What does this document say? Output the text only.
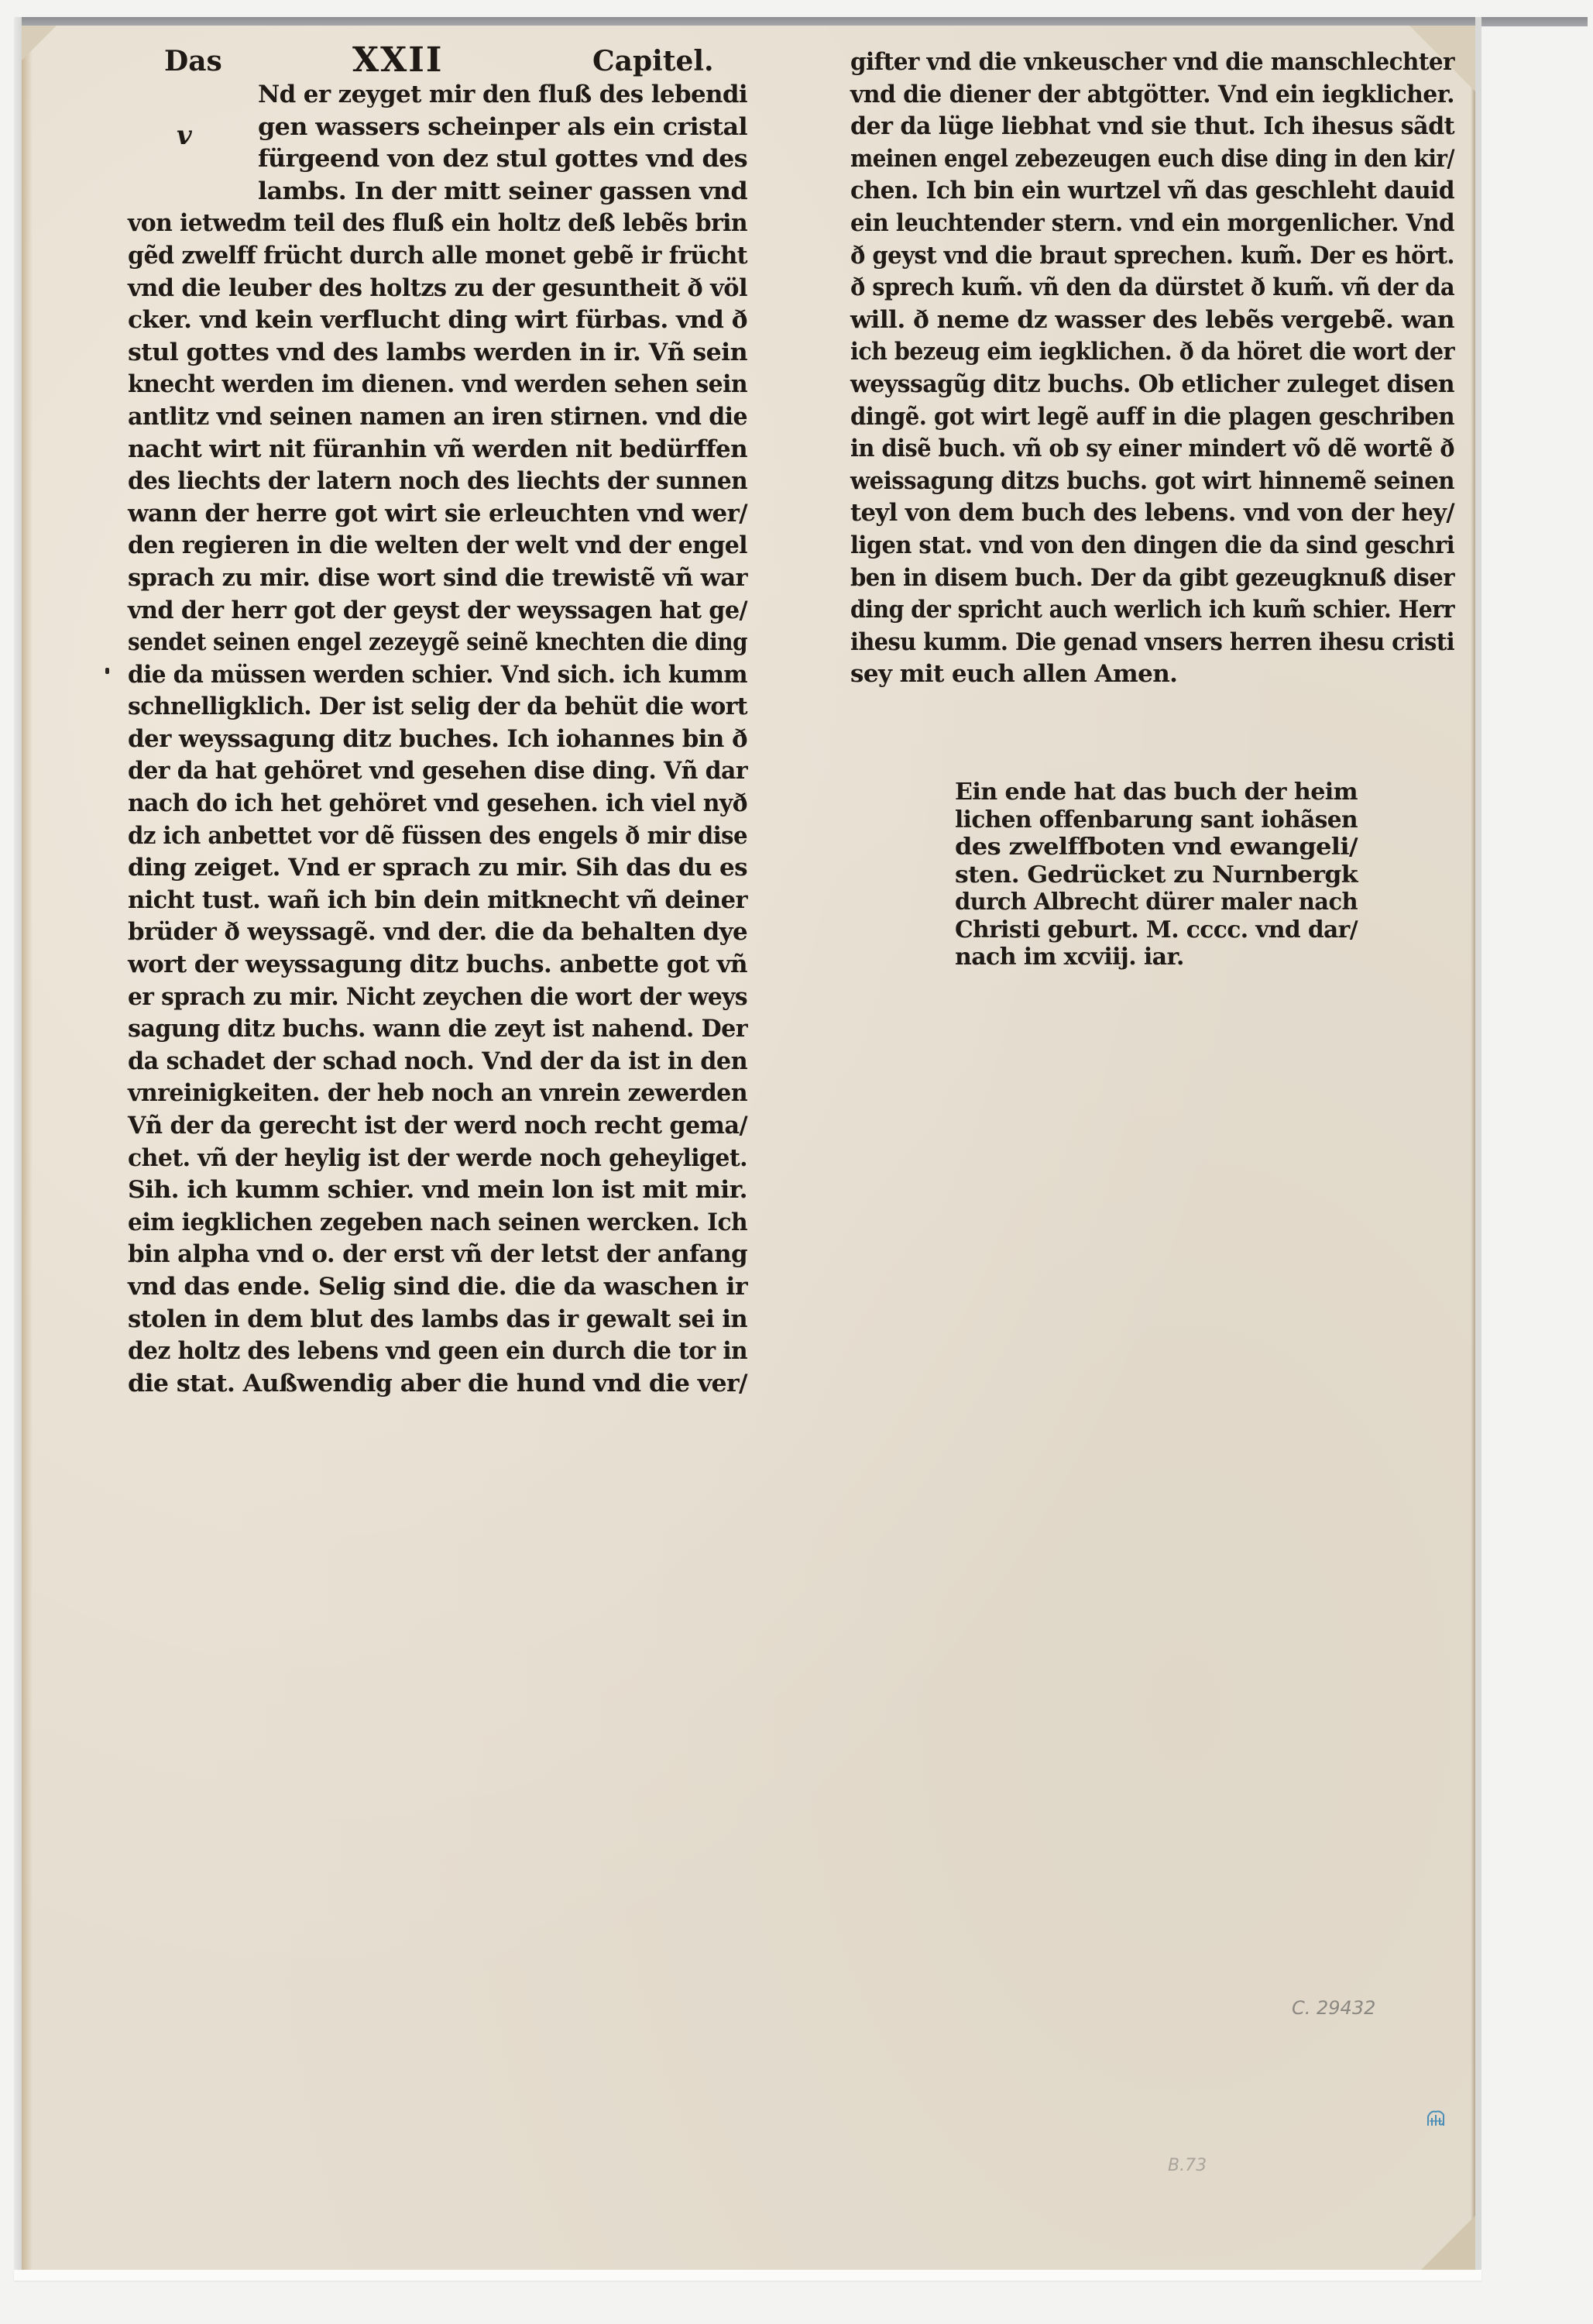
Das	XXII	Capitel.
v
Nd er zeyget mir den fluß des lebendi
gen wassers scheinper als ein cristal
fürgeend von dez stul gottes vnd des
lambs. In der mitt seiner gassen vnd
von ietwedm teil des fluß ein holtz deß lebẽs brin
gẽd zwelff frücht durch alle monet gebẽ ir frücht
vnd die leuber des holtzs zu der gesuntheit ð völ
cker. vnd kein verflucht ding wirt fürbas. vnd ð
stul gottes vnd des lambs werden in ir. Vñ sein
knecht werden im dienen. vnd werden sehen sein
antlitz vnd seinen namen an iren stirnen. vnd die
nacht wirt nit füranhin vñ werden nit bedürffen
des liechts der latern noch des liechts der sunnen
wann der herre got wirt sie erleuchten vnd wer/
den regieren in die welten der welt vnd der engel
sprach zu mir. dise wort sind die trewistẽ vñ war
vnd der herr got der geyst der weyssagen hat ge/
sendet seinen engel zezeygẽ seinẽ knechten die ding
die da müssen werden schier. Vnd sich. ich kumm
schnelligklich. Der ist selig der da behüt die wort
der weyssagung ditz buches. Ich iohannes bin ð
der da hat gehöret vnd gesehen dise ding. Vñ dar
nach do ich het gehöret vnd gesehen. ich viel nyð
dz ich anbettet vor dẽ füssen des engels ð mir dise
ding zeiget. Vnd er sprach zu mir. Sih das du es
nicht tust. wañ ich bin dein mitknecht vñ deiner
brüder ð weyssagẽ. vnd der. die da behalten dye
wort der weyssagung ditz buchs. anbette got vñ
er sprach zu mir. Nicht zeychen die wort der weys
sagung ditz buchs. wann die zeyt ist nahend. Der
da schadet der schad noch. Vnd der da ist in den
vnreinigkeiten. der heb noch an vnrein zewerden
Vñ der da gerecht ist der werd noch recht gema/
chet. vñ der heylig ist der werde noch geheyliget.
Sih. ich kumm schier. vnd mein lon ist mit mir.
eim iegklichen zegeben nach seinen wercken. Ich
bin alpha vnd o. der erst vñ der letst der anfang
vnd das ende. Selig sind die. die da waschen ir
stolen in dem blut des lambs das ir gewalt sei in
dez holtz des lebens vnd geen ein durch die tor in
die stat. Außwendig aber die hund vnd die ver/
gifter vnd die vnkeuscher vnd die manschlechter
vnd die diener der abtgötter. Vnd ein iegklicher.
der da lüge liebhat vnd sie thut. Ich ihesus sãdt
meinen engel zebezeugen euch dise ding in den kir/
chen. Ich bin ein wurtzel vñ das geschleht dauid
ein leuchtender stern. vnd ein morgenlicher. Vnd
ð geyst vnd die braut sprechen. kum̃. Der es hört.
ð sprech kum̃. vñ den da dürstet ð kum̃. vñ der da
will. ð neme dz wasser des lebẽs vergebẽ. wan
ich bezeug eim iegklichen. ð da höret die wort der
weyssagũg ditz buchs. Ob etlicher zuleget disen
dingẽ. got wirt legẽ auff in die plagen geschriben
in disẽ buch. vñ ob sy einer mindert võ dẽ wortẽ ð
weissagung ditzs buchs. got wirt hinnemẽ seinen
teyl von dem buch des lebens. vnd von der hey/
ligen stat. vnd von den dingen die da sind geschri
ben in disem buch. Der da gibt gezeugknuß diser
ding der spricht auch werlich ich kum̃ schier. Herr
ihesu kumm. Die genad vnsers herren ihesu cristi
sey mit euch allen Amen.
Ein ende hat das buch der heim
lichen offenbarung sant iohãsen
des zwelffboten vnd ewangeli/
sten. Gedrücket zu Nurnbergk
durch Albrecht dürer maler nach
Christi geburt. M. cccc. vnd dar/
nach im xcviij. iar.
C. 29432
B.73
